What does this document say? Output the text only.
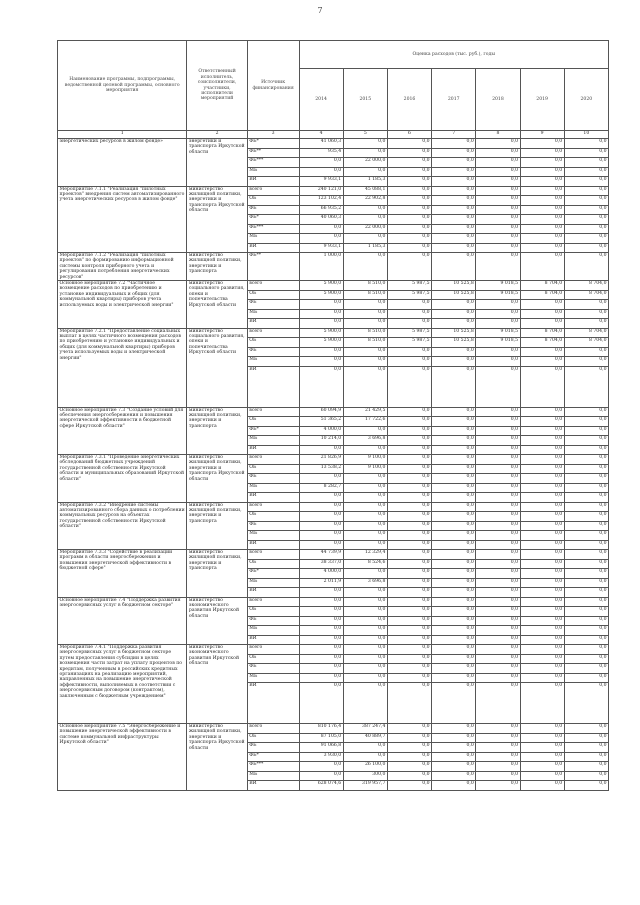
7
Наименование программы, подпрограммы, ведомственной целевой программы, основного мероприятия	Ответственный исполнитель, соисполнители, участники, исполнители мероприятий	Источник финансирования	Оценка расходов (тыс. руб.), годы						
			2014	2015	2016	2017	2018	2019	2020
1	2	3	4	5	6	7	8	9	10
энергетических ресурсов в жилом фонде»	энергетики и транспорта Иркутской области	ФБ*	41 060,3	0,0	0,0	0,0	0,0	0,0	0,0
		ФБ**	935,4	0,0	0,0	0,0	0,0	0,0	0,0
		ФБ***	0,0	22 000,0	0,0	0,0	0,0	0,0	0,0
		МБ	0,0	0,0	0,0	0,0	0,0	0,0	0,0
		ВИ	9 933,1	1 185,3	0,0	0,0	0,0	0,0	0,0
Мероприятие 7.1.1 "Реализация "пилотных проектов" внедрения систем автоматизированного учета энергетических ресурсов в жилом фонде"	министерство жилищной политики, энергетики и транспорта Иркутской области	всего	240 121,0	45 088,1	0,0	0,0	0,0	0,0	0,0
		ОБ	123 102,4	22 902,8	0,0	0,0	0,0	0,0	0,0
		ФБ	66 935,2	0,0	0,0	0,0	0,0	0,0	0,0
		ФБ*	40 060,3	0,0	0,0	0,0	0,0	0,0	0,0
		ФБ***	0,0	22 000,0	0,0	0,0	0,0	0,0	0,0
		МБ	0,0	0,0	0,0	0,0	0,0	0,0	0,0
		ВИ	9 933,1	1 185,3	0,0	0,0	0,0	0,0	0,0
Мероприятие 7.1.2 "Реализация "пилотных проектов" по формированию информационной системы контроля приборного учета и регулирования потребления энергетических ресурсов"	министерство жилищной политики, энергетики и транспорта	ФБ**	1 000,0	0,0	0,0	0,0	0,0	0,0	0,0
Основное мероприятие 7.2 "Частичное возмещение расходов по приобретению и установке индивидуальных и общих (для коммунальной квартиры) приборов учета используемых воды и электрической энергии"	министерство социального развития, опеки и попечительства Иркутской области	всего	5 900,0	8 510,0	5 987,5	10 525,8	9 018,5	8 704,0	8 704,0
		ОБ	5 900,0	8 510,0	5 987,5	10 525,8	9 018,5	8 704,0	8 704,0
		ФБ	0,0	0,0	0,0	0,0	0,0	0,0	0,0
		МБ	0,0	0,0	0,0	0,0	0,0	0,0	0,0
		ВИ	0,0	0,0	0,0	0,0	0,0	0,0	0,0
Мероприятие 7.2.1 "Предоставление социальных выплат в целях частичного возмещения расходов по приобретению и установке индивидуальных и общих (для коммунальной квартиры) приборов учета используемых воды и электрической энергии"	министерство социального развития, опеки и попечительства Иркутской области	всего	5 900,0	8 510,0	5 987,5	10 525,8	9 018,5	8 704,0	8 704,0
		ОБ	5 900,0	8 510,0	5 987,5	10 525,8	9 018,5	8 704,0	8 704,0
		ФБ	0,0	0,0	0,0	0,0	0,0	0,0	0,0
		МБ	0,0	0,0	0,0	0,0	0,0	0,0	0,0
		ВИ	0,0	0,0	0,0	0,0	0,0	0,0	0,0
Основное мероприятие 7.3 "Создание условий для обеспечения энергосбережения и повышения энергетической эффективности в бюджетной сфере Иркутской области"	министерство жилищной политики, энергетики и транспорта	всего	60 094,9	21 429,5	0,0	0,0	0,0	0,0	0,0
		ОБ	51 365,2	17 722,6	0,0	0,0	0,0	0,0	0,0
		ФБ*	4 000,0	0,0	0,0	0,0	0,0	0,0	0,0
		МБ	10 214,0	3 696,8	0,0	0,0	0,0	0,0	0,0
		ВИ	0,0	0,0	0,0	0,0	0,0	0,0	0,0
Мероприятие 7.3.1 "Проведение энергетических обследований бюджетных учреждений государственной собственности Иркутской области и муниципальных образований Иркутской области"	министерство жилищной политики, энергетики и транспорта Иркутской области	всего	21 826,9	9 100,0	0,0	0,0	0,0	0,0	0,0
		ОБ	13 538,2	9 100,0	0,0	0,0	0,0	0,0	0,0
		ФБ	0,0	0,0	0,0	0,0	0,0	0,0	0,0
		МБ	8 282,7	0,0	0,0	0,0	0,0	0,0	0,0
		ВИ	0,0	0,0	0,0	0,0	0,0	0,0	0,0
Мероприятие 7.3.2 "Внедрение системы автоматизированного сбора данных о потреблении коммунальных ресурсов на объектах государственной собственности Иркутской области"	министерство жилищной политики, энергетики и транспорта	всего	0,0	0,0	0,0	0,0	0,0	0,0	0,0
		ОБ	0,0	0,0	0,0	0,0	0,0	0,0	0,0
		ФБ	0,0	0,0	0,0	0,0	0,0	0,0	0,0
		МБ	0,0	0,0	0,0	0,0	0,0	0,0	0,0
		ВИ	0,0	0,0	0,0	0,0	0,0	0,0	0,0
Мероприятие 7.3.3 "Содействие в реализации программ в области энергосбережения и повышения энергетической эффективности в бюджетной сфере"	министерство жилищной политики, энергетики и транспорта	всего	44 739,9	12 329,4	0,0	0,0	0,0	0,0	0,0
		ОБ	38 337,0	8 524,6	0,0	0,0	0,0	0,0	0,0
		ФБ*	4 000,0	0,0	0,0	0,0	0,0	0,0	0,0
		МБ	2 011,9	3 696,8	0,0	0,0	0,0	0,0	0,0
		ВИ	0,0	0,0	0,0	0,0	0,0	0,0	0,0
Основное мероприятие 7.4 "Поддержка развития энергосервисных услуг в бюджетном секторе"	министерство экономического развития Иркутской области	всего	0,0	0,0	0,0	0,0	0,0	0,0	0,0
		ОБ	0,0	0,0	0,0	0,0	0,0	0,0	0,0
		ФБ	0,0	0,0	0,0	0,0	0,0	0,0	0,0
		МБ	0,0	0,0	0,0	0,0	0,0	0,0	0,0
		ВИ	0,0	0,0	0,0	0,0	0,0	0,0	0,0
Мероприятие 7.4.1 "Поддержка развития энергосервисных услуг в бюджетном секторе путем предоставления субсидии в целях возмещения части затрат на уплату процентов по кредитам, полученным в российских кредитных организациях на реализацию мероприятий, направленных на повышение энергетической эффективности, выполняемых в соответствии с энергосервисным договором (контрактом), заключенным с бюджетным учреждением"	министерство экономического развития Иркутской области	всего	0,0	0,0	0,0	0,0	0,0	0,0	0,0
		ОБ	0,0	0,0	0,0	0,0	0,0	0,0	0,0
		ФБ	0,0	0,0	0,0	0,0	0,0	0,0	0,0
		МБ	0,0	0,0	0,0	0,0	0,0	0,0	0,0
		ВИ	0,0	0,0	0,0	0,0	0,0	0,0	0,0
Основное мероприятие 7.5 "Энергосбережение и повышение энергетической эффективности в системе коммунальной инфраструктуры Иркутской области"	министерство жилищной политики, энергетики и транспорта Иркутской области	всего	810 176,4	387 247,4	0,0	0,0	0,0	0,0	0,0
		ОБ	87 105,0	40 889,7	0,0	0,0	0,0	0,0	0,0
		ФБ	91 066,8	0,0	0,0	0,0	0,0	0,0	0,0
		ФБ*	3 930,0	0,0	0,0	0,0	0,0	0,0	0,0
		ФБ***	0,0	26 100,0	0,0	0,0	0,0	0,0	0,0
		МБ	0,0	300,0	0,0	0,0	0,0	0,0	0,0
		ВИ	628 074,6	319 957,7	0,0	0,0	0,0	0,0	0,0
